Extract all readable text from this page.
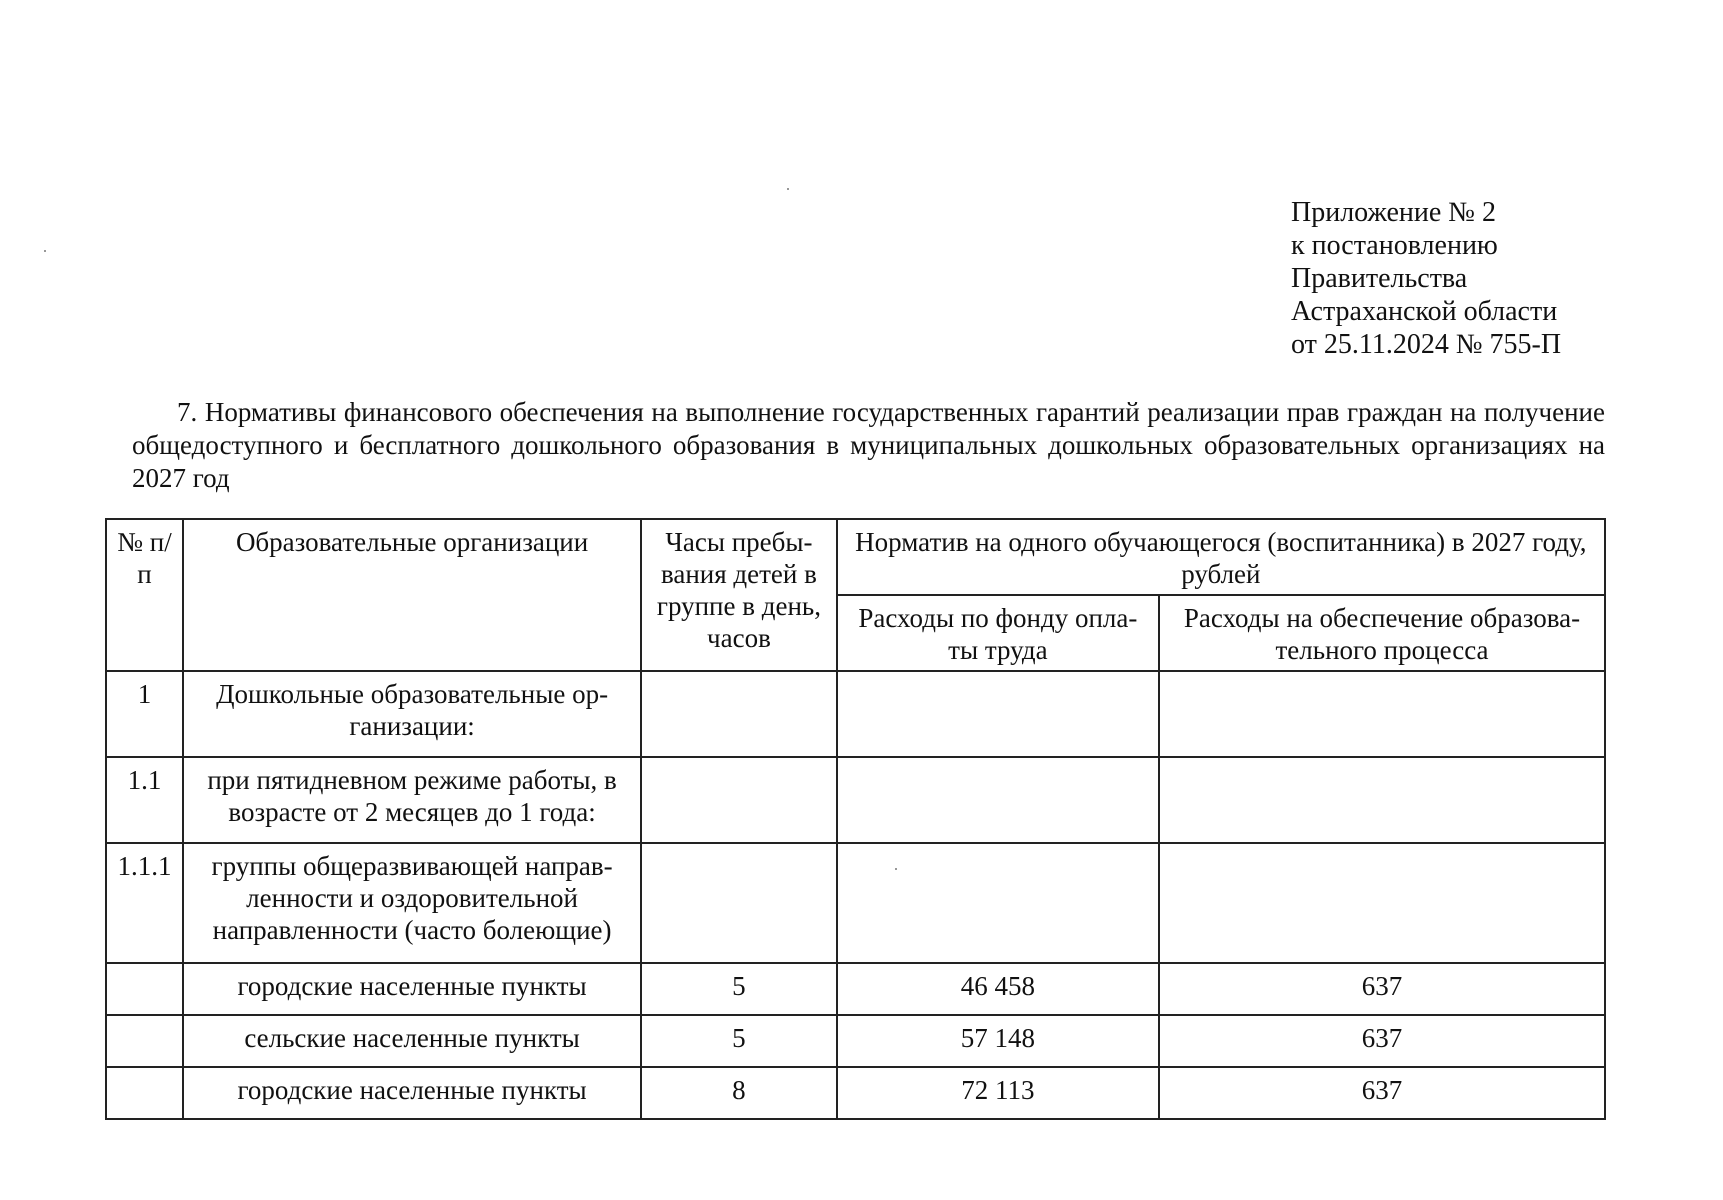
Приложение № 2
к постановлению
Правительства
Астраханской области
от 25.11.2024 № 755-П
7. Нормативы финансового обеспечения на выполнение государственных гарантий реализации прав граждан на получение общедоступного и бесплатного дошкольного образования в муниципальных дошкольных образовательных организациях на 2027 год
№ п/п	Образовательные организации	Часы пребы- вания детей в группе в день, часов	Норматив на одного обучающегося (воспитанника) в 2027 году, рублей	
			Расходы по фонду опла- ты труда	Расходы на обеспечение образова- тельного процесса
1	Дошкольные образовательные ор- ганизации:			
1.1	при пятидневном режиме работы, в возрасте от 2 месяцев до 1 года:			
1.1.1	группы общеразвивающей направ- ленности и оздоровительной направленности (часто болеющие)			
	городские населенные пункты	5	46 458	637
	сельские населенные пункты	5	57 148	637
	городские населенные пункты	8	72 113	637
